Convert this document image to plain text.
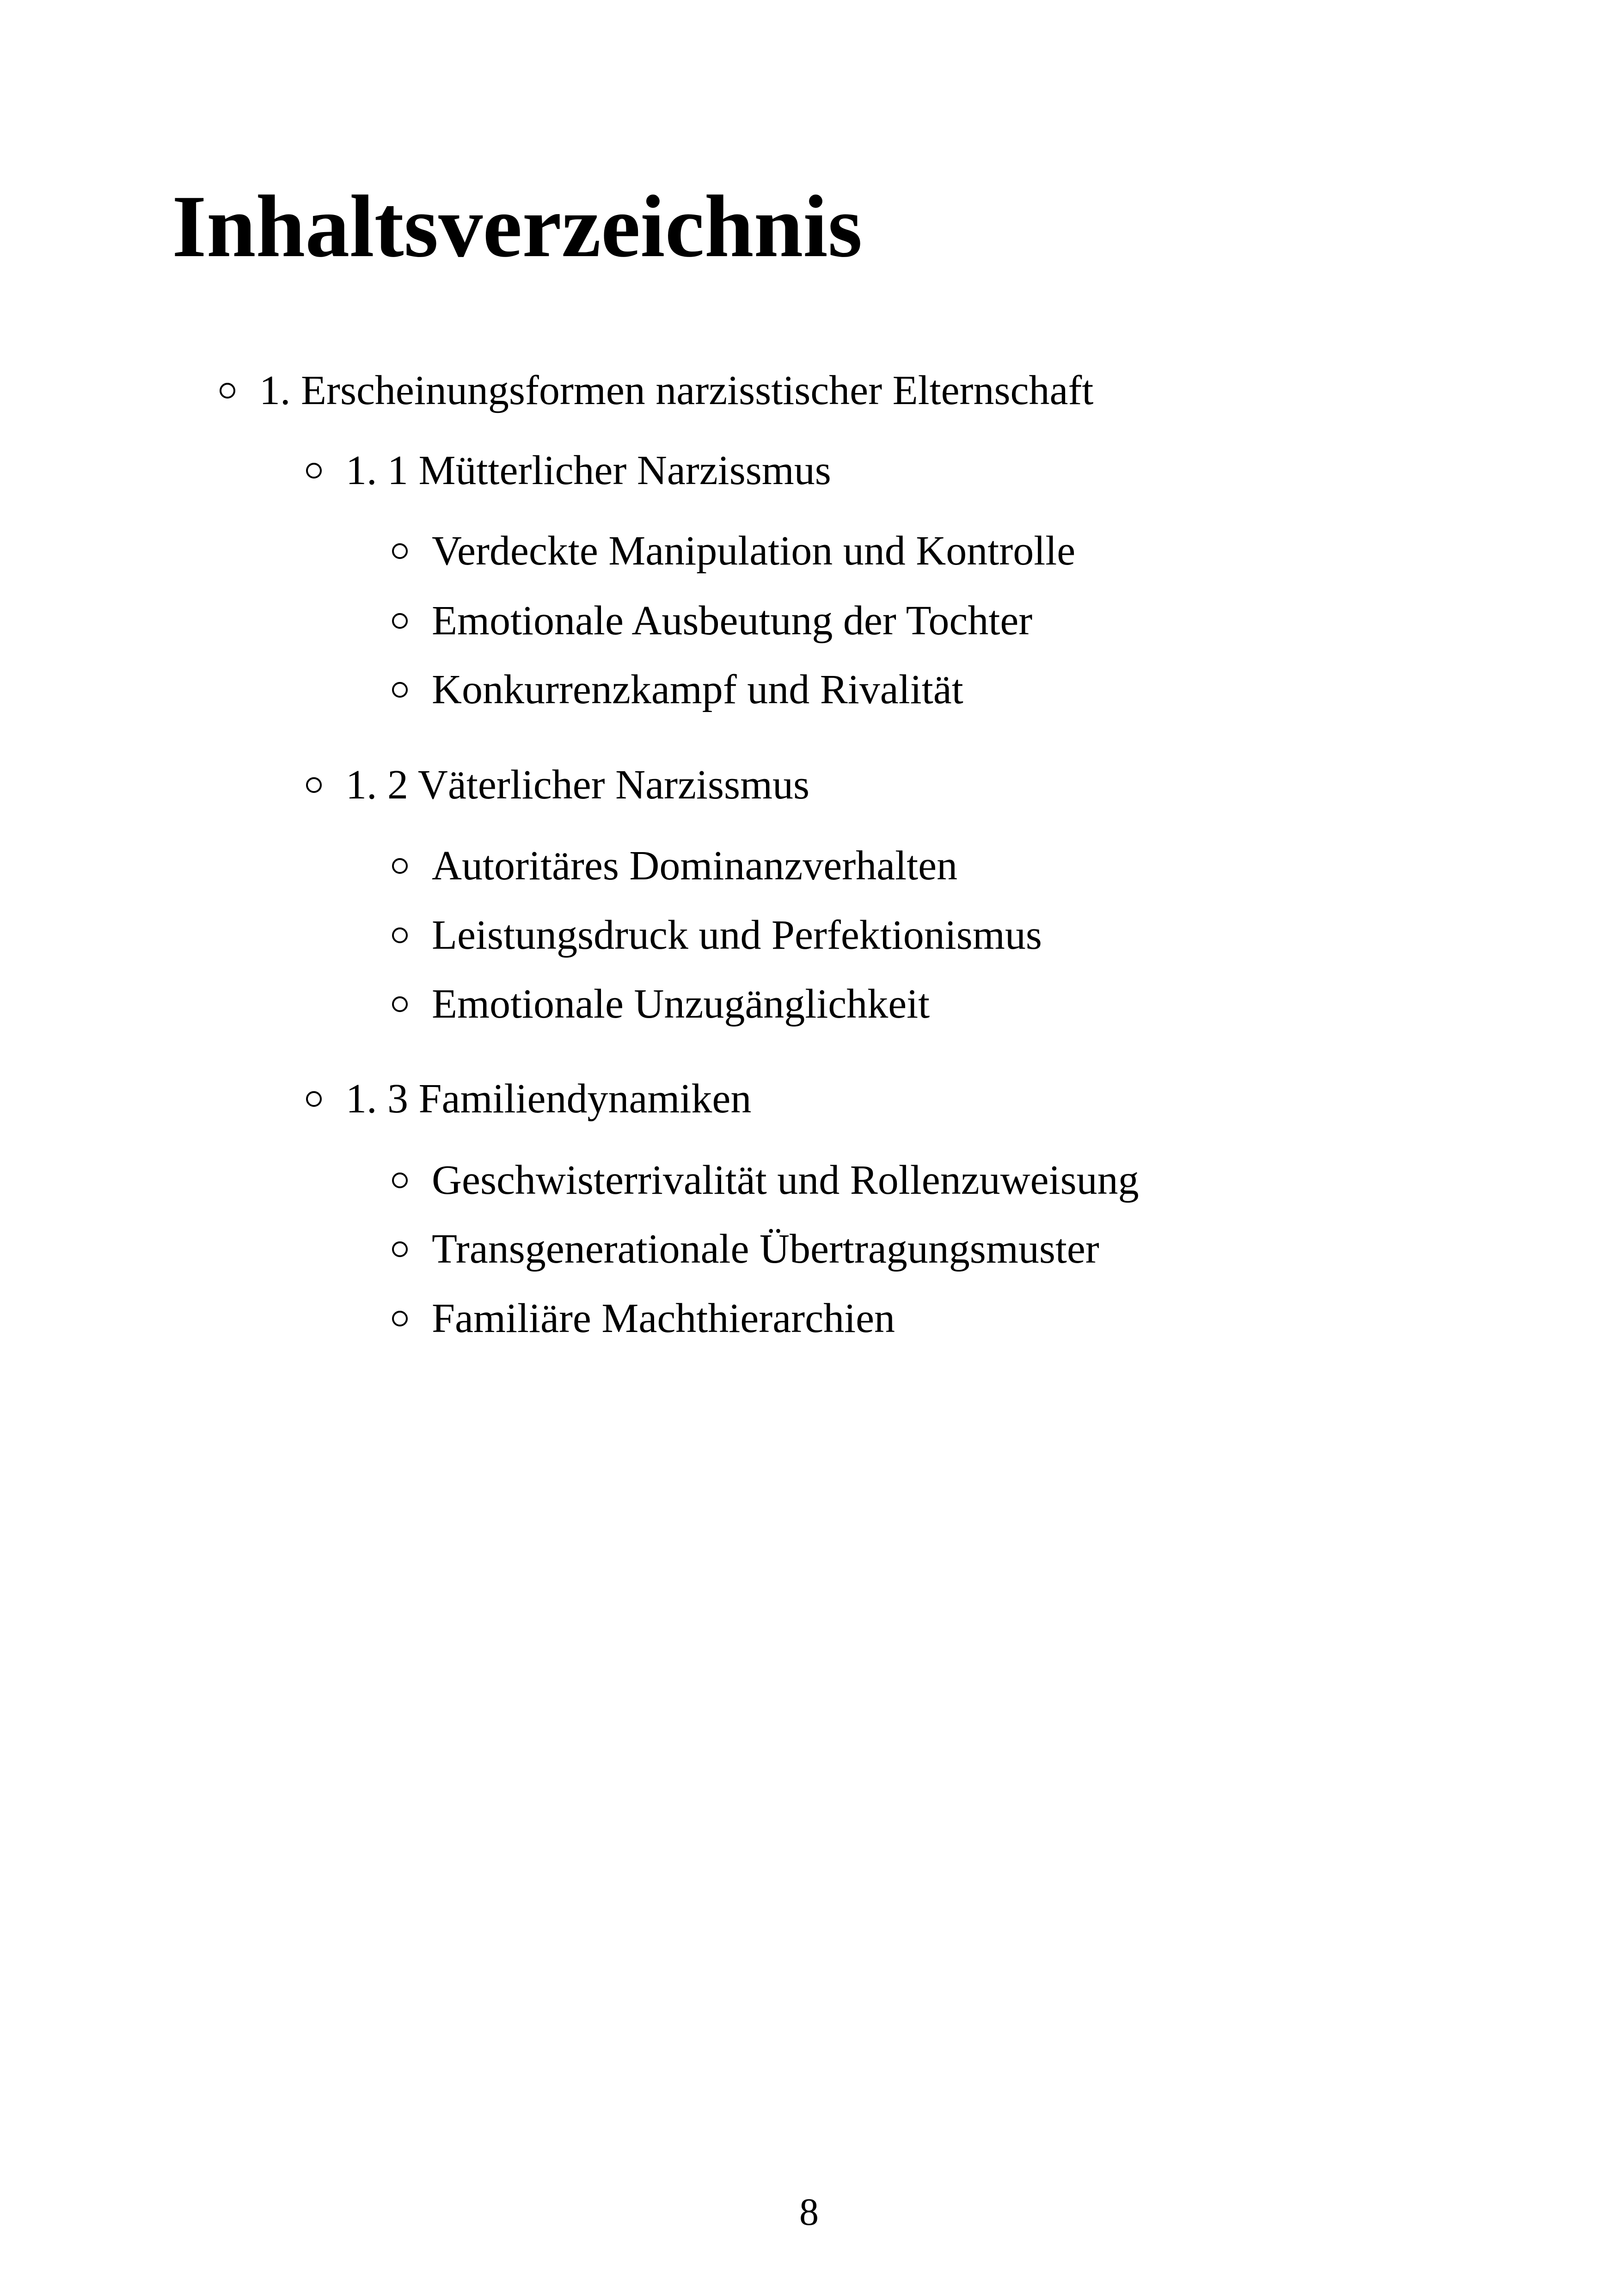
Inhaltsverzeichnis
1. Erscheinungsformen narzisstischer Elternschaft
1. 1 Mütterlicher Narzissmus
Verdeckte Manipulation und Kontrolle
Emotionale Ausbeutung der Tochter
Konkurrenzkampf und Rivalität
1. 2 Väterlicher Narzissmus
Autoritäres Dominanzverhalten
Leistungsdruck und Perfektionismus
Emotionale Unzugänglichkeit
1. 3 Familiendynamiken
Geschwisterrivalität und Rollenzuweisung
Transgenerationale Übertragungsmuster
Familiäre Machthierarchien
8
